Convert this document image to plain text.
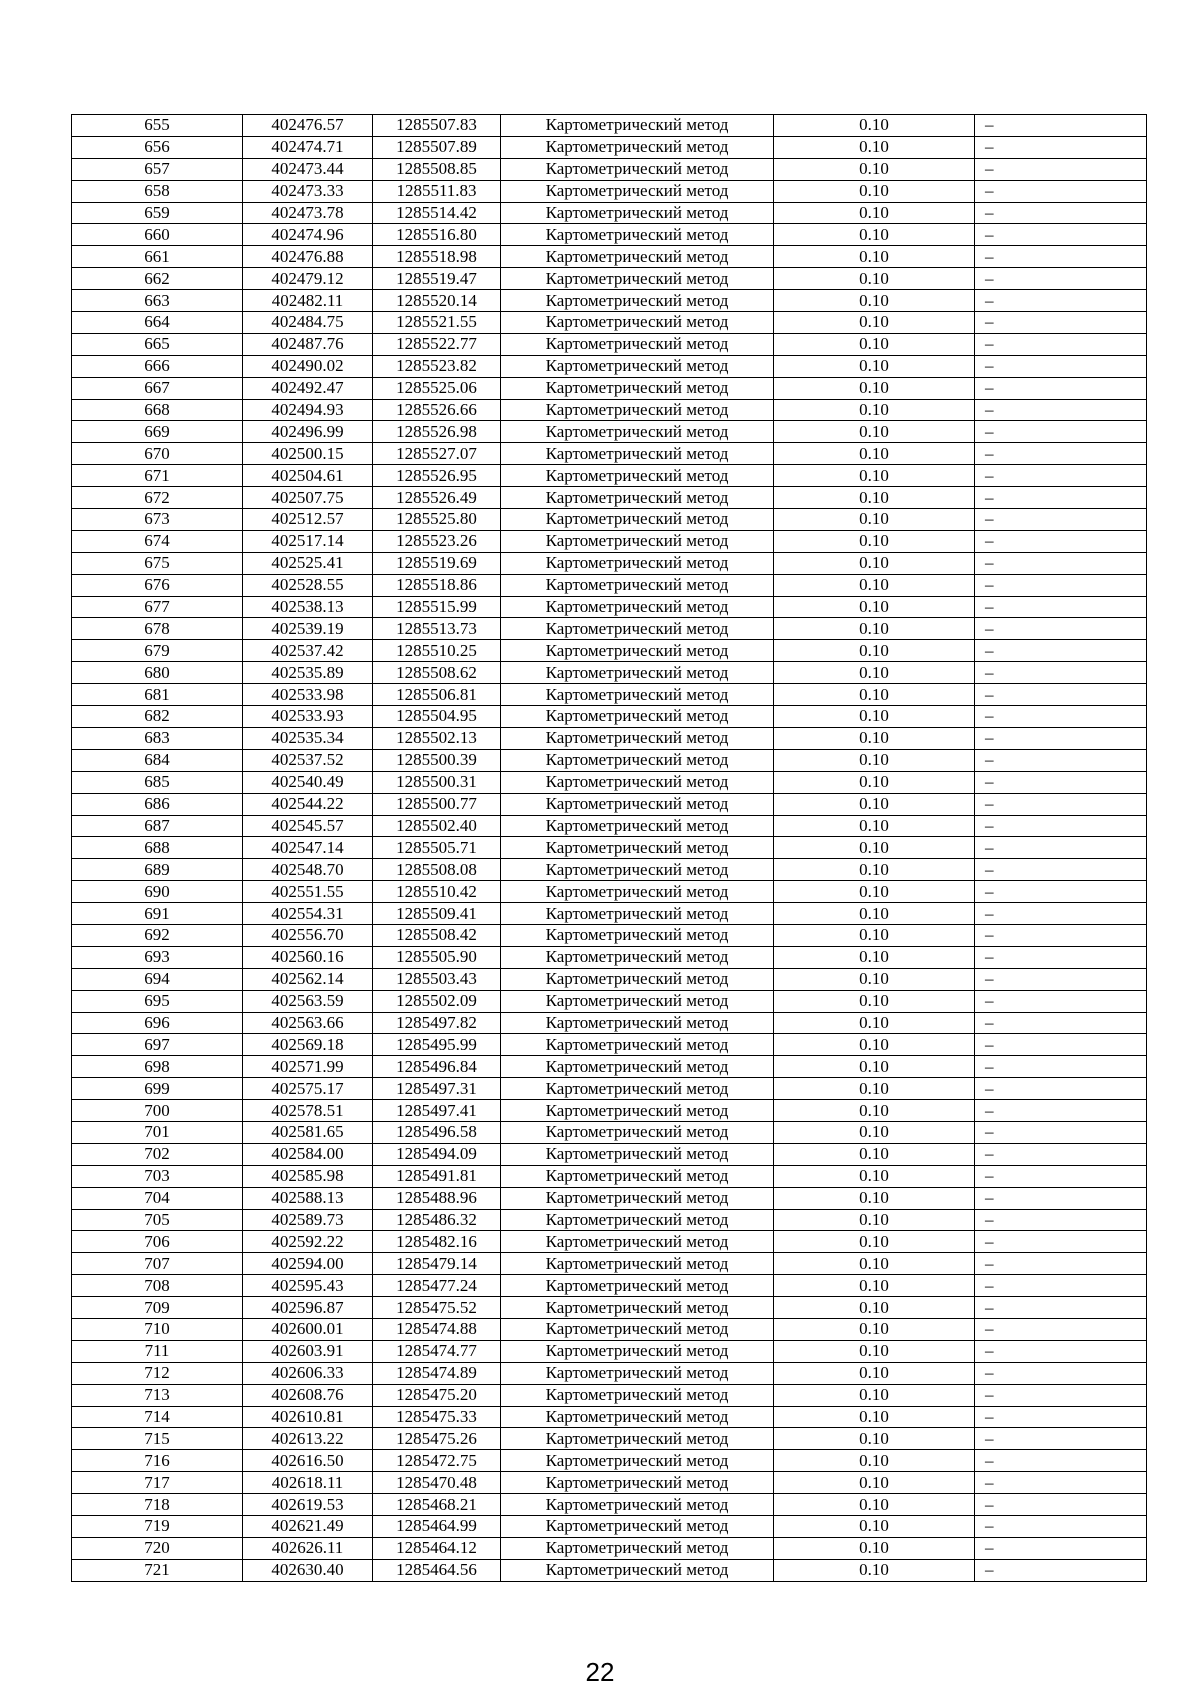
655	402476.57	1285507.83	Картометрический метод	0.10	–
656	402474.71	1285507.89	Картометрический метод	0.10	–
657	402473.44	1285508.85	Картометрический метод	0.10	–
658	402473.33	1285511.83	Картометрический метод	0.10	–
659	402473.78	1285514.42	Картометрический метод	0.10	–
660	402474.96	1285516.80	Картометрический метод	0.10	–
661	402476.88	1285518.98	Картометрический метод	0.10	–
662	402479.12	1285519.47	Картометрический метод	0.10	–
663	402482.11	1285520.14	Картометрический метод	0.10	–
664	402484.75	1285521.55	Картометрический метод	0.10	–
665	402487.76	1285522.77	Картометрический метод	0.10	–
666	402490.02	1285523.82	Картометрический метод	0.10	–
667	402492.47	1285525.06	Картометрический метод	0.10	–
668	402494.93	1285526.66	Картометрический метод	0.10	–
669	402496.99	1285526.98	Картометрический метод	0.10	–
670	402500.15	1285527.07	Картометрический метод	0.10	–
671	402504.61	1285526.95	Картометрический метод	0.10	–
672	402507.75	1285526.49	Картометрический метод	0.10	–
673	402512.57	1285525.80	Картометрический метод	0.10	–
674	402517.14	1285523.26	Картометрический метод	0.10	–
675	402525.41	1285519.69	Картометрический метод	0.10	–
676	402528.55	1285518.86	Картометрический метод	0.10	–
677	402538.13	1285515.99	Картометрический метод	0.10	–
678	402539.19	1285513.73	Картометрический метод	0.10	–
679	402537.42	1285510.25	Картометрический метод	0.10	–
680	402535.89	1285508.62	Картометрический метод	0.10	–
681	402533.98	1285506.81	Картометрический метод	0.10	–
682	402533.93	1285504.95	Картометрический метод	0.10	–
683	402535.34	1285502.13	Картометрический метод	0.10	–
684	402537.52	1285500.39	Картометрический метод	0.10	–
685	402540.49	1285500.31	Картометрический метод	0.10	–
686	402544.22	1285500.77	Картометрический метод	0.10	–
687	402545.57	1285502.40	Картометрический метод	0.10	–
688	402547.14	1285505.71	Картометрический метод	0.10	–
689	402548.70	1285508.08	Картометрический метод	0.10	–
690	402551.55	1285510.42	Картометрический метод	0.10	–
691	402554.31	1285509.41	Картометрический метод	0.10	–
692	402556.70	1285508.42	Картометрический метод	0.10	–
693	402560.16	1285505.90	Картометрический метод	0.10	–
694	402562.14	1285503.43	Картометрический метод	0.10	–
695	402563.59	1285502.09	Картометрический метод	0.10	–
696	402563.66	1285497.82	Картометрический метод	0.10	–
697	402569.18	1285495.99	Картометрический метод	0.10	–
698	402571.99	1285496.84	Картометрический метод	0.10	–
699	402575.17	1285497.31	Картометрический метод	0.10	–
700	402578.51	1285497.41	Картометрический метод	0.10	–
701	402581.65	1285496.58	Картометрический метод	0.10	–
702	402584.00	1285494.09	Картометрический метод	0.10	–
703	402585.98	1285491.81	Картометрический метод	0.10	–
704	402588.13	1285488.96	Картометрический метод	0.10	–
705	402589.73	1285486.32	Картометрический метод	0.10	–
706	402592.22	1285482.16	Картометрический метод	0.10	–
707	402594.00	1285479.14	Картометрический метод	0.10	–
708	402595.43	1285477.24	Картометрический метод	0.10	–
709	402596.87	1285475.52	Картометрический метод	0.10	–
710	402600.01	1285474.88	Картометрический метод	0.10	–
711	402603.91	1285474.77	Картометрический метод	0.10	–
712	402606.33	1285474.89	Картометрический метод	0.10	–
713	402608.76	1285475.20	Картометрический метод	0.10	–
714	402610.81	1285475.33	Картометрический метод	0.10	–
715	402613.22	1285475.26	Картометрический метод	0.10	–
716	402616.50	1285472.75	Картометрический метод	0.10	–
717	402618.11	1285470.48	Картометрический метод	0.10	–
718	402619.53	1285468.21	Картометрический метод	0.10	–
719	402621.49	1285464.99	Картометрический метод	0.10	–
720	402626.11	1285464.12	Картометрический метод	0.10	–
721	402630.40	1285464.56	Картометрический метод	0.10	–
22
